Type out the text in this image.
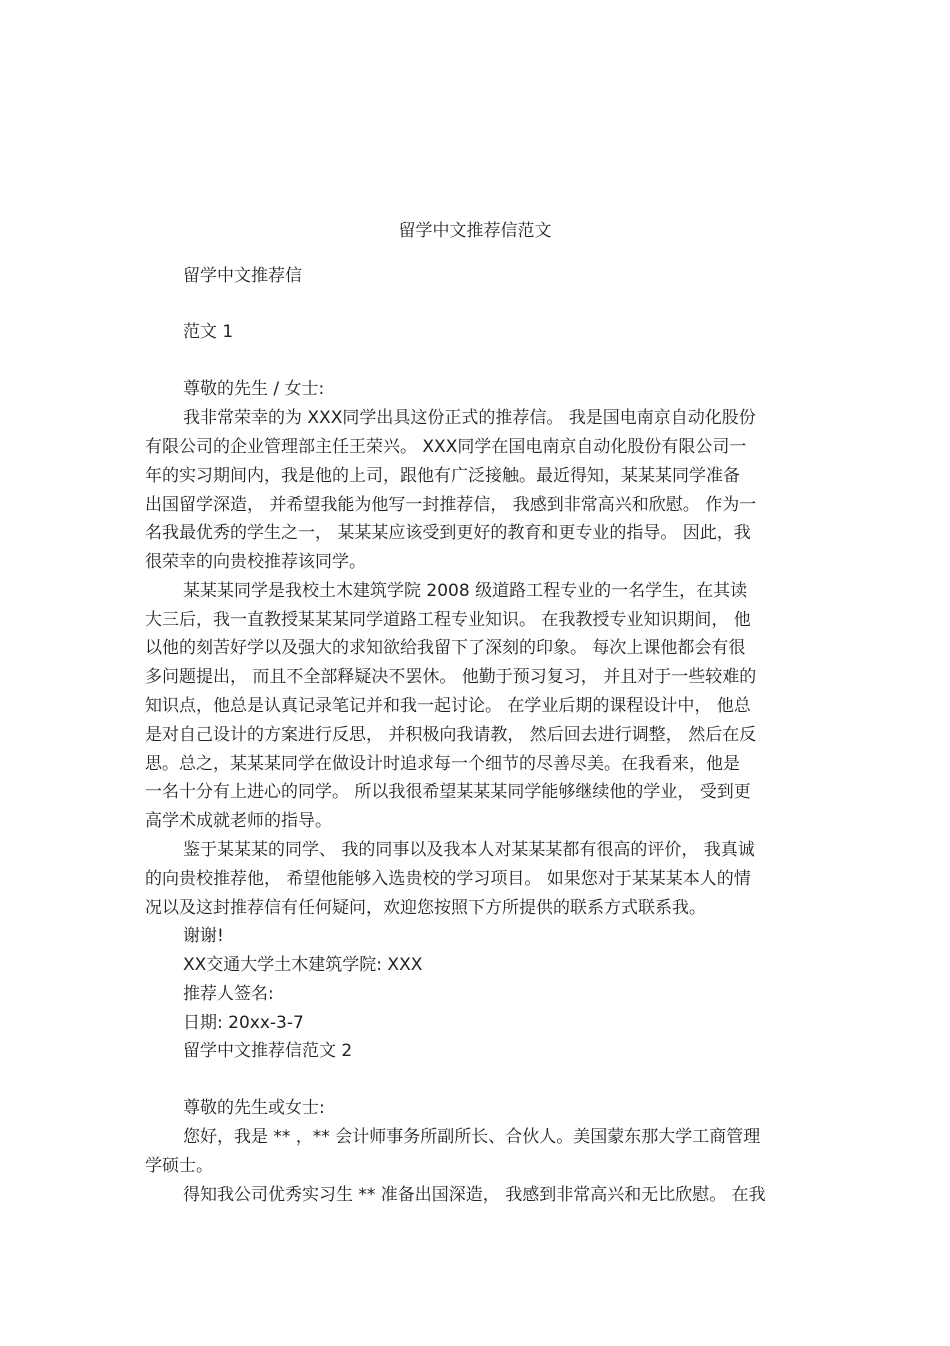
留学中文推荐信范文

留学中文推荐信

范文 1

尊敬的先生 / 女士:

我非常荣幸的为 XXX同学出具这份正式的推荐信。 我是国电南京自动化股份

有限公司的企业管理部主任王荣兴。 XXX同学在国电南京自动化股份有限公司一

年的实习期间内，我是他的上司，跟他有广泛接触。最近得知，某某某同学准备

出国留学深造， 并希望我能为他写一封推荐信， 我感到非常高兴和欣慰。 作为一

名我最优秀的学生之一， 某某某应该受到更好的教育和更专业的指导。 因此，我

很荣幸的向贵校推荐该同学。

某某某同学是我校土木建筑学院 2008 级道路工程专业的一名学生，在其读

大三后，我一直教授某某某同学道路工程专业知识。 在我教授专业知识期间， 他

以他的刻苦好学以及强大的求知欲给我留下了深刻的印象。 每次上课他都会有很

多问题提出， 而且不全部释疑决不罢休。 他勤于预习复习， 并且对于一些较难的

知识点，他总是认真记录笔记并和我一起讨论。 在学业后期的课程设计中， 他总

是对自己设计的方案进行反思， 并积极向我请教， 然后回去进行调整， 然后在反

思。总之，某某某同学在做设计时追求每一个细节的尽善尽美。在我看来，他是

一名十分有上进心的同学。 所以我很希望某某某同学能够继续他的学业， 受到更

高学术成就老师的指导。

鉴于某某某的同学、 我的同事以及我本人对某某某都有很高的评价， 我真诚

的向贵校推荐他， 希望他能够入选贵校的学习项目。 如果您对于某某某本人的情

况以及这封推荐信有任何疑问，欢迎您按照下方所提供的联系方式联系我。

谢谢!

XX交通大学土木建筑学院: XXX

推荐人签名:

日期: 20xx-3-7

留学中文推荐信范文 2

尊敬的先生或女士:

您好，我是 ** ，** 会计师事务所副所长、合伙人。美国蒙东那大学工商管理

学硕士。

得知我公司优秀实习生 ** 准备出国深造， 我感到非常高兴和无比欣慰。 在我
